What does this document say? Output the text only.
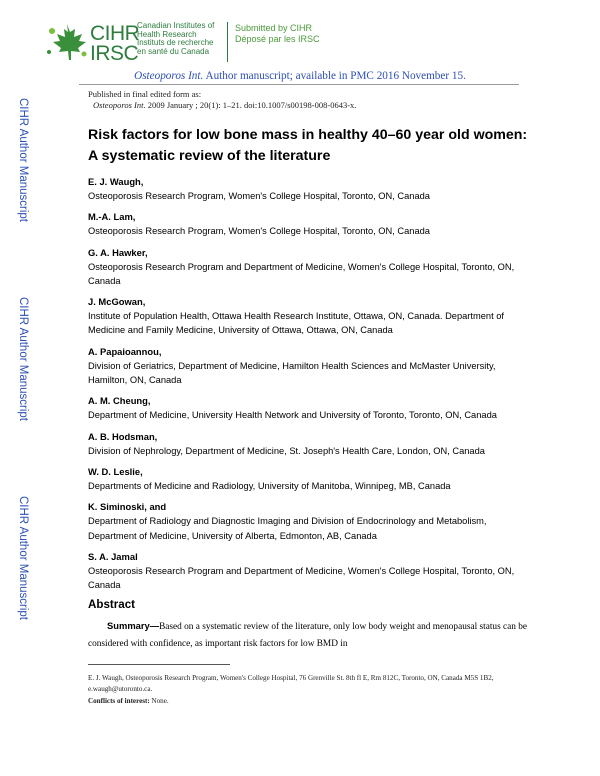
CIHR
IRSC
Canadian Institutes of
Health Research
Instituts de recherche
en santé du Canada
Submitted by CIHR
Déposé par les IRSC
Osteoporos Int. Author manuscript; available in PMC 2016 November 15.
Published in final edited form as:
Osteoporos Int. 2009 January ; 20(1): 1–21. doi:10.1007/s00198-008-0643-x.
CIHR Author Manuscript
CIHR Author Manuscript
CIHR Author Manuscript
Risk factors for low bone mass in healthy 40–60 year old women: A systematic review of the literature
E. J. Waugh,
Osteoporosis Research Program, Women's College Hospital, Toronto, ON, Canada
M.-A. Lam,
Osteoporosis Research Program, Women's College Hospital, Toronto, ON, Canada
G. A. Hawker,
Osteoporosis Research Program and Department of Medicine, Women's College Hospital, Toronto, ON, Canada
J. McGowan,
Institute of Population Health, Ottawa Health Research Institute, Ottawa, ON, Canada. Department of Medicine and Family Medicine, University of Ottawa, Ottawa, ON, Canada
A. Papaioannou,
Division of Geriatrics, Department of Medicine, Hamilton Health Sciences and McMaster University, Hamilton, ON, Canada
A. M. Cheung,
Department of Medicine, University Health Network and University of Toronto, Toronto, ON, Canada
A. B. Hodsman,
Division of Nephrology, Department of Medicine, St. Joseph's Health Care, London, ON, Canada
W. D. Leslie,
Departments of Medicine and Radiology, University of Manitoba, Winnipeg, MB, Canada
K. Siminoski, and
Department of Radiology and Diagnostic Imaging and Division of Endocrinology and Metabolism, Department of Medicine, University of Alberta, Edmonton, AB, Canada
S. A. Jamal
Osteoporosis Research Program and Department of Medicine, Women's College Hospital, Toronto, ON, Canada
Abstract
Summary—Based on a systematic review of the literature, only low body weight and menopausal status can be considered with confidence, as important risk factors for low BMD in
E. J. Waugh, Osteoporosis Research Program, Women's College Hospital, 76 Grenville St. 8th fl E, Rm 812C, Toronto, ON, Canada M5S 1B2, e.waugh@utoronto.ca.
Conflicts of interest: None.
